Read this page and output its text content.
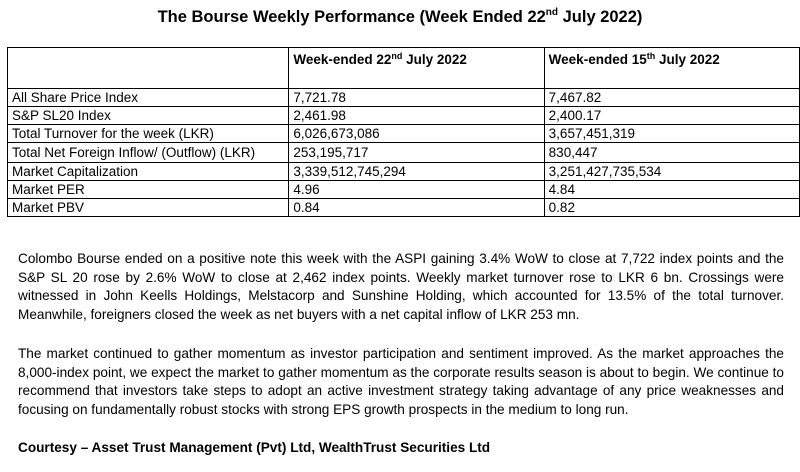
The Bourse Weekly Performance (Week Ended 22nd July 2022)
	Week-ended 22nd July 2022	Week-ended 15th July 2022
All Share Price Index	7,721.78	7,467.82
S&P SL20 Index	2,461.98	2,400.17
Total Turnover for the week (LKR)	6,026,673,086	3,657,451,319
Total Net Foreign Inflow/ (Outflow) (LKR)	253,195,717	830,447
Market Capitalization	3,339,512,745,294	3,251,427,735,534
Market PER	4.96	4.84
Market PBV	0.84	0.82

Colombo Bourse ended on a positive note this week with the ASPI gaining 3.4% WoW to close at 7,722 index points and the S&P SL 20 rose by 2.6% WoW to close at 2,462 index points. Weekly market turnover rose to LKR 6 bn. Crossings were witnessed in John Keells Holdings, Melstacorp and Sunshine Holding, which accounted for 13.5% of the total turnover. Meanwhile, foreigners closed the week as net buyers with a net capital inflow of LKR 253 mn.

The market continued to gather momentum as investor participation and sentiment improved. As the market approaches the 8,000-index point, we expect the market to gather momentum as the corporate results season is about to begin. We continue to recommend that investors take steps to adopt an active investment strategy taking advantage of any price weaknesses and focusing on fundamentally robust stocks with strong EPS growth prospects in the medium to long run.

Courtesy – Asset Trust Management (Pvt) Ltd, WealthTrust Securities Ltd
